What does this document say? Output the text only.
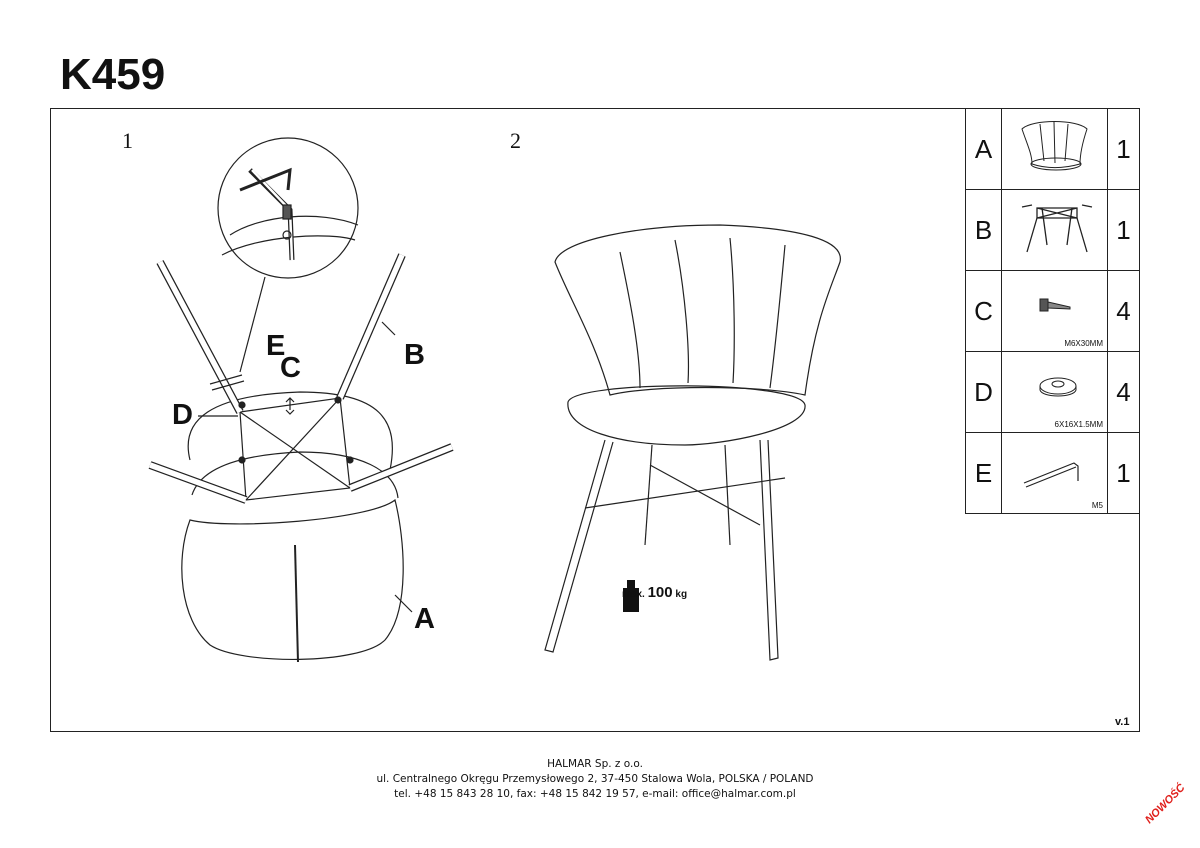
K459
1	2
A
B
C
D
E
max. 100 kg
A		1
B		1
C	M6X30MM	4
D	6X16X1.5MM	4
E	M5	1
v.1
HALMAR Sp. z o.o.
ul. Centralnego Okręgu Przemysłowego 2, 37-450 Stalowa Wola, POLSKA / POLAND
tel. +48 15 843 28 10, fax: +48 15 842 19 57, e-mail: office@halmar.com.pl	NOWOŚĆ
